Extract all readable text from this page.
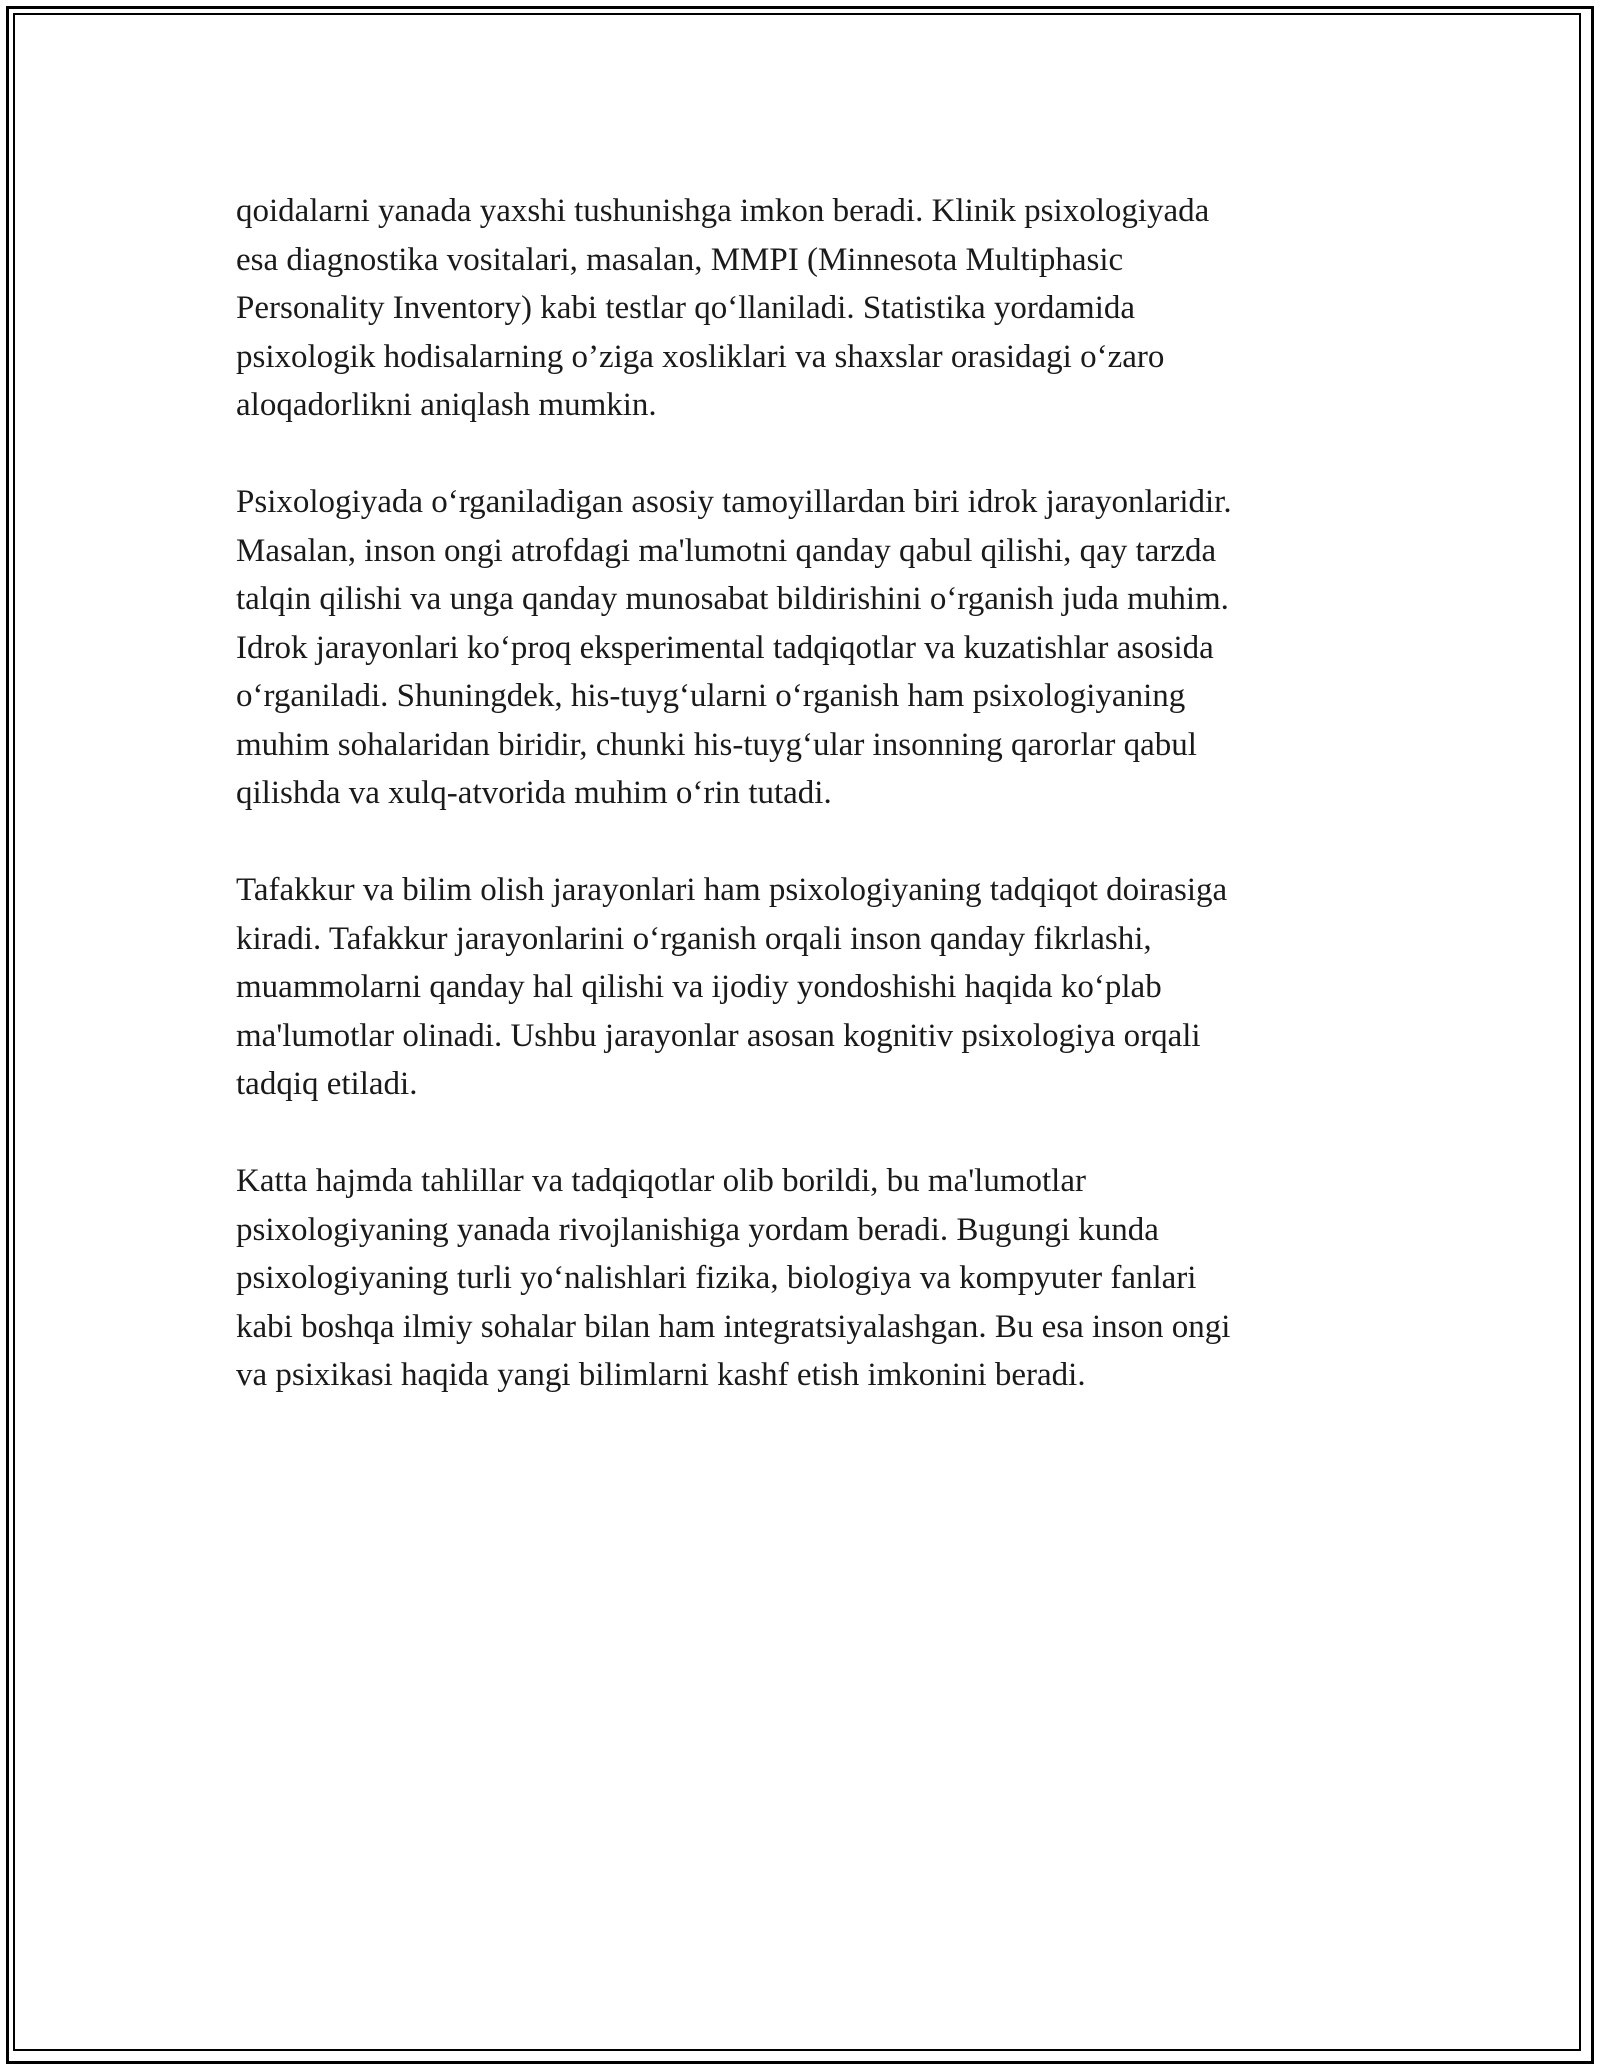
qoidalarni yanada yaxshi tushunishga imkon beradi. Klinik psixologiyada
esa diagnostika vositalari, masalan, MMPI (Minnesota Multiphasic
Personality Inventory) kabi testlar qo‘llaniladi. Statistika yordamida
psixologik hodisalarning o’ziga xosliklari va shaxslar orasidagi o‘zaro
aloqadorlikni aniqlash mumkin.

Psixologiyada o‘rganiladigan asosiy tamoyillardan biri idrok jarayonlaridir.
Masalan, inson ongi atrofdagi ma'lumotni qanday qabul qilishi, qay tarzda
talqin qilishi va unga qanday munosabat bildirishini o‘rganish juda muhim.
Idrok jarayonlari ko‘proq eksperimental tadqiqotlar va kuzatishlar asosida
o‘rganiladi. Shuningdek, his-tuyg‘ularni o‘rganish ham psixologiyaning
muhim sohalaridan biridir, chunki his-tuyg‘ular insonning qarorlar qabul
qilishda va xulq-atvorida muhim o‘rin tutadi.

Tafakkur va bilim olish jarayonlari ham psixologiyaning tadqiqot doirasiga
kiradi. Tafakkur jarayonlarini o‘rganish orqali inson qanday fikrlashi,
muammolarni qanday hal qilishi va ijodiy yondoshishi haqida ko‘plab
ma'lumotlar olinadi. Ushbu jarayonlar asosan kognitiv psixologiya orqali
tadqiq etiladi.

Katta hajmda tahlillar va tadqiqotlar olib borildi, bu ma'lumotlar
psixologiyaning yanada rivojlanishiga yordam beradi. Bugungi kunda
psixologiyaning turli yo‘nalishlari fizika, biologiya va kompyuter fanlari
kabi boshqa ilmiy sohalar bilan ham integratsiyalashgan. Bu esa inson ongi
va psixikasi haqida yangi bilimlarni kashf etish imkonini beradi.
